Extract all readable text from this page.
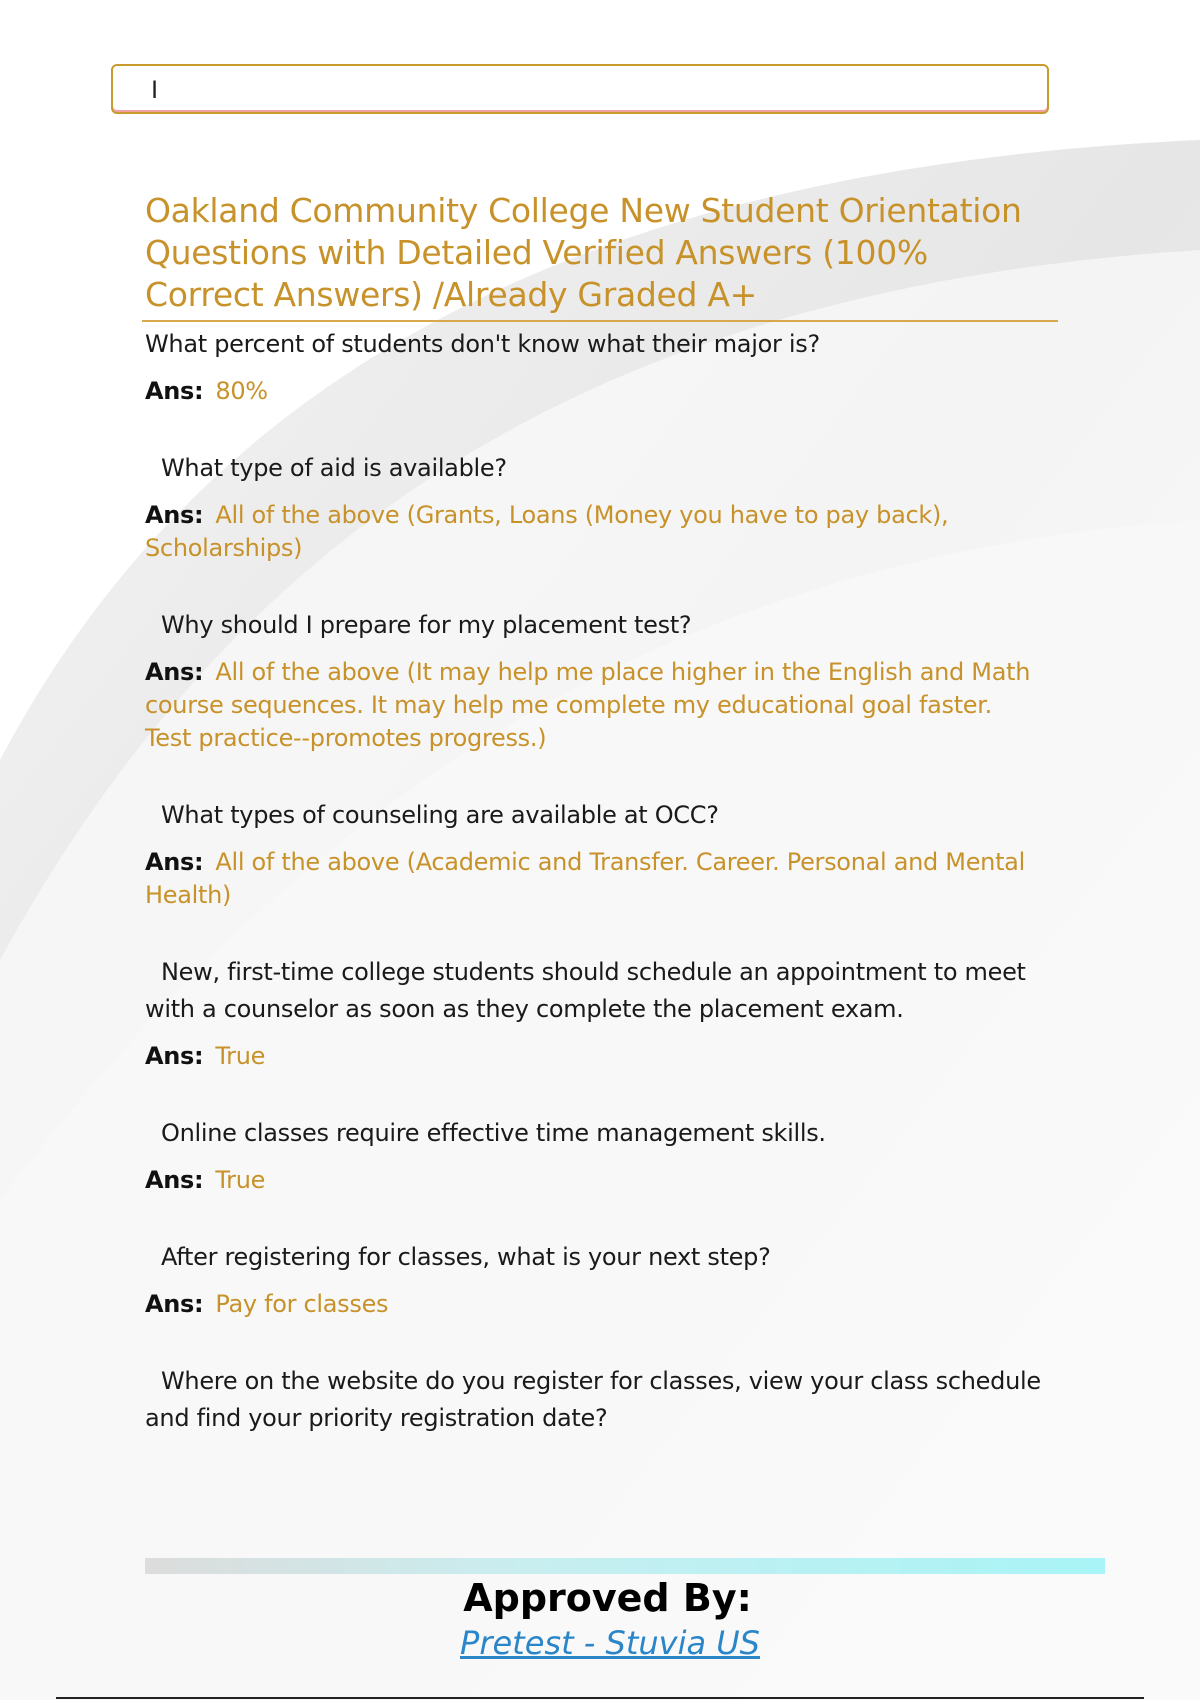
I
Oakland Community College New Student Orientation Questions with Detailed Verified Answers (100% Correct Answers) /Already Graded A+

What percent of students don't know what their major is?

Ans: 80%

What type of aid is available?

Ans: All of the above (Grants, Loans (Money you have to pay back), Scholarships)

Why should I prepare for my placement test?

Ans: All of the above (It may help me place higher in the English and Math course sequences. It may help me complete my educational goal faster. Test practice--promotes progress.)

What types of counseling are available at OCC?

Ans: All of the above (Academic and Transfer. Career. Personal and Mental Health)

New, first-time college students should schedule an appointment to meet with a counselor as soon as they complete the placement exam.

Ans: True

Online classes require effective time management skills.

Ans: True

After registering for classes, what is your next step?

Ans: Pay for classes

Where on the website do you register for classes, view your class schedule and find your priority registration date?

Approved By:
Pretest - Stuvia US
